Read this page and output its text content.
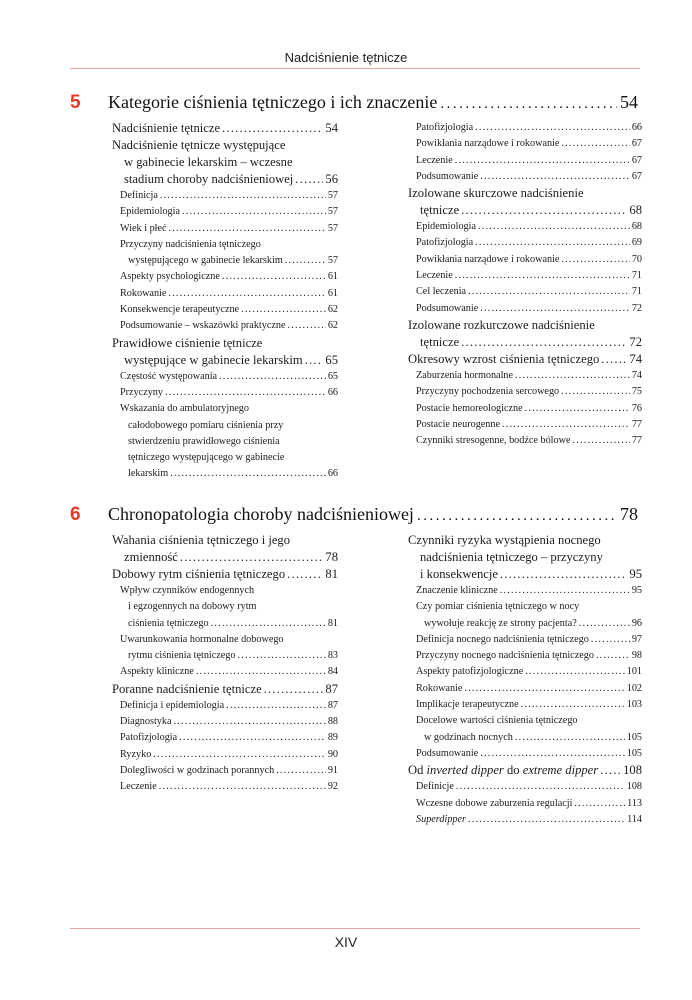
Nadciśnienie tętnicze
5	Kategorie ciśnienia tętniczego i ich znaczenie .....	54
Nadciśnienie tętnicze .....	54
Nadciśnienie tętnicze występujące
w gabinecie lekarskim – wczesne
stadium choroby nadciśnieniowej .....	56
Definicja .....	57
Epidemiologia .....	57
Wiek i płeć .....	57
Przyczyny nadciśnienia tętniczego
występującego w gabinecie lekarskim .....	57
Aspekty psychologiczne .....	61
Rokowanie .....	61
Konsekwencje terapeutyczne .....	62
Podsumowanie – wskazówki praktyczne .....	62
Prawidłowe ciśnienie tętnicze
występujące w gabinecie lekarskim ..... 65
Częstość występowania .....	65
Przyczyny .....	66
Wskazania do ambulatoryjnego
całodobowego pomiaru ciśnienia przy
stwierdzeniu prawidłowego ciśnienia
tętniczego występującego w gabinecie
lekarskim .....	66
Patofizjologia .....	66
Powikłania narządowe i rokowanie .....	67
Leczenie .....	67
Podsumowanie .....	67
Izolowane skurczowe nadciśnienie
tętnicze .....	68
Epidemiologia .....	68
Patofizjologia .....	69
Powikłania narządowe i rokowanie .....	70
Leczenie .....	71
Cel leczenia .....	71
Podsumowanie .....	72
Izolowane rozkurczowe nadciśnienie
tętnicze .....	72
Okresowy wzrost ciśnienia tętniczego ..... 74
Zaburzenia hormonalne .....	74
Przyczyny pochodzenia sercowego .....	75
Postacie hemoreologiczne .....	76
Postacie neurogenne .....	77
Czynniki stresogenne, bodźce bólowe .....	77
6	Chronopatologia choroby nadciśnieniowej .....	78
Wahania ciśnienia tętniczego i jego
zmienność .....	78
Dobowy rytm ciśnienia tętniczego .....	81
Wpływ czynników endogennych
i egzogennych na dobowy rytm
ciśnienia tętniczego .....	81
Uwarunkowania hormonalne dobowego
rytmu ciśnienia tętniczego .....	83
Aspekty kliniczne .....	84
Poranne nadciśnienie tętnicze .....	87
Definicja i epidemiologia .....	87
Diagnostyka .....	88
Patofizjologia .....	89
Ryzyko .....	90
Dolegliwości w godzinach porannych .....	91
Leczenie .....	92
Czynniki ryzyka wystąpienia nocnego
nadciśnienia tętniczego – przyczyny
i konsekwencje .....	95
Znaczenie kliniczne .....	95
Czy pomiar ciśnienia tętniczego w nocy
wywołuje reakcję ze strony pacjenta? .....	96
Definicja nocnego nadciśnienia tętniczego .....	97
Przyczyny nocnego nadciśnienia tętniczego .....	98
Aspekty patofizjologiczne .....	101
Rokowanie .....	102
Implikacje terapeutyczne .....	103
Docelowe wartości ciśnienia tętniczego
w godzinach nocnych .....	105
Podsumowanie .....	105
Od inverted dipper do extreme dipper ..... 108
Definicje .....	108
Wczesne dobowe zaburzenia regulacji .....	113
Superdipper .....	114
XIV
